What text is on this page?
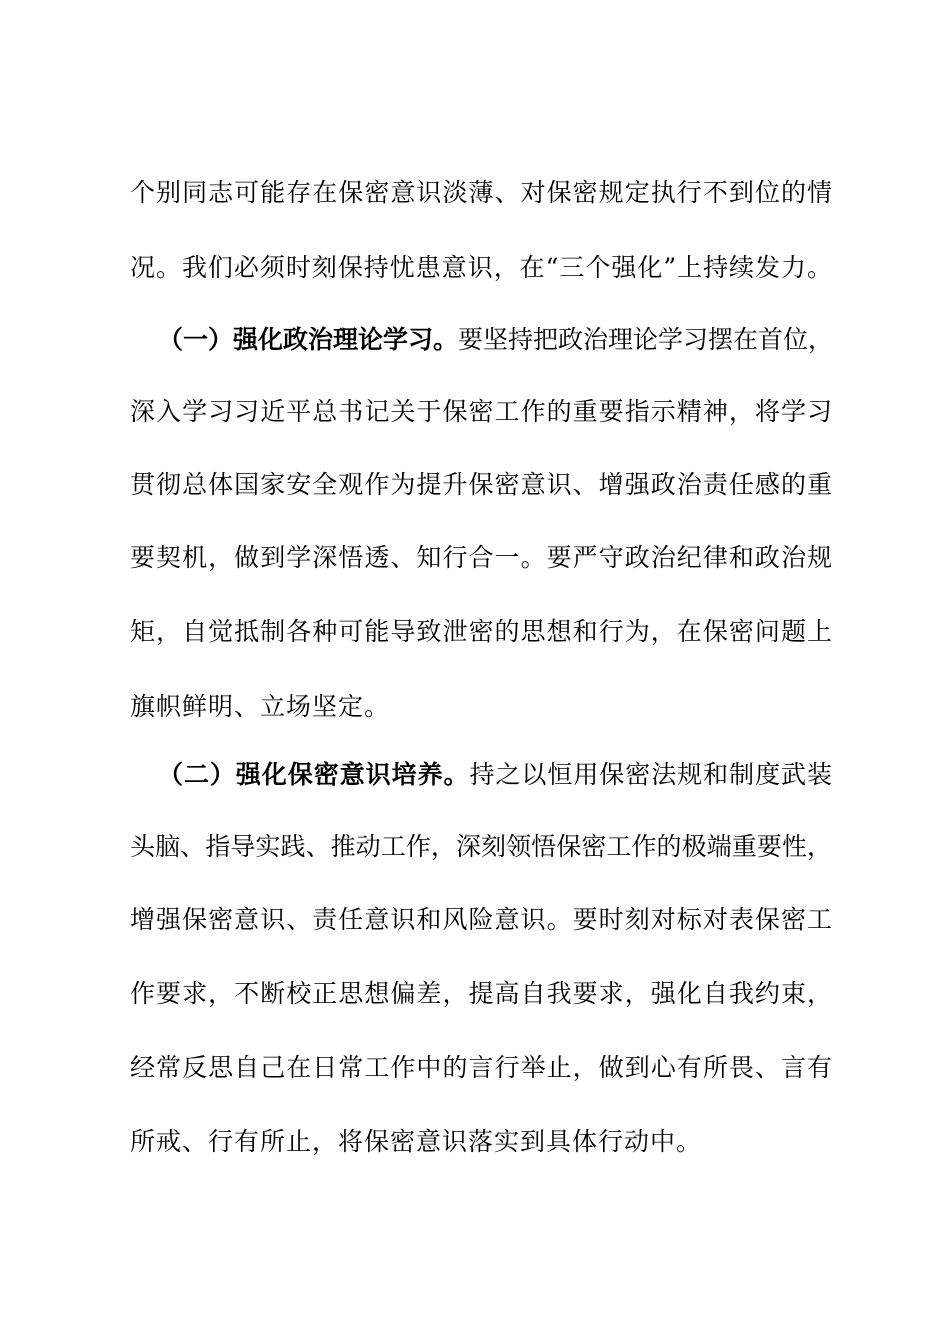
个别同志可能存在保密意识淡薄、对保密规定执行不到位的情
况。我们必须时刻保持忧患意识，在“三个强化”上持续发力。
（一）强化政治理论学习。要坚持把政治理论学习摆在首位，
深入学习习近平总书记关于保密工作的重要指示精神，将学习
贯彻总体国家安全观作为提升保密意识、增强政治责任感的重
要契机，做到学深悟透、知行合一。要严守政治纪律和政治规
矩，自觉抵制各种可能导致泄密的思想和行为，在保密问题上
旗帜鲜明、立场坚定。
（二）强化保密意识培养。持之以恒用保密法规和制度武装
头脑、指导实践、推动工作，深刻领悟保密工作的极端重要性，
增强保密意识、责任意识和风险意识。要时刻对标对表保密工
作要求，不断校正思想偏差，提高自我要求，强化自我约束，
经常反思自己在日常工作中的言行举止，做到心有所畏、言有
所戒、行有所止，将保密意识落实到具体行动中。
